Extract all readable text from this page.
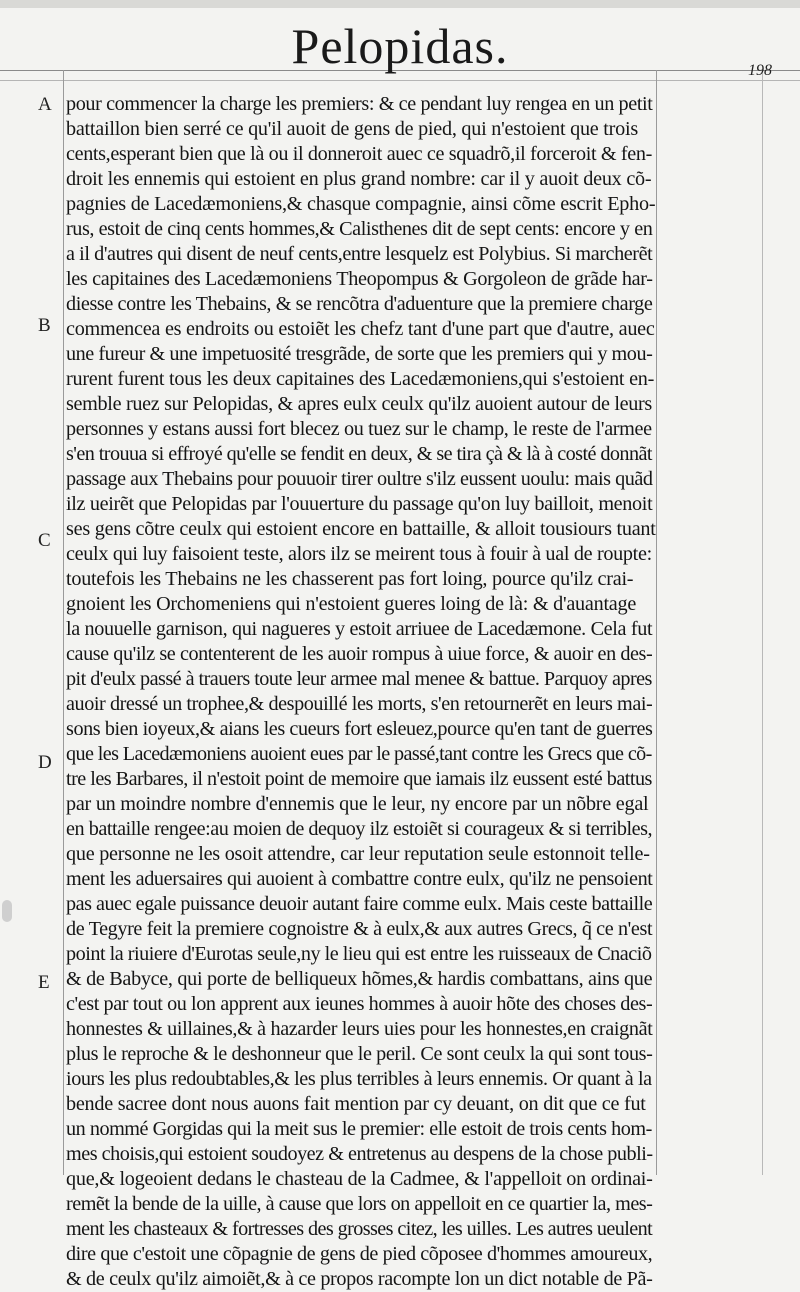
Pelopidas.	198
A
B
C
D
E
pour commencer la charge les premiers: & ce pendant luy rengea en un petit
battaillon bien serré ce qu'il auoit de gens de pied, qui n'estoient que trois
cents,esperant bien que là ou il donneroit auec ce squadrõ,il forceroit & fen-
droit les ennemis qui estoient en plus grand nombre: car il y auoit deux cõ-
pagnies de Lacedæmoniens,& chasque compagnie, ainsi cõme escrit Epho-
rus, estoit de cinq cents hommes,& Calisthenes dit de sept cents: encore y en
a il d'autres qui disent de neuf cents,entre lesquelz est Polybius. Si marcherẽt
les capitaines des Lacedæmoniens Theopompus & Gorgoleon de grãde har-
diesse contre les Thebains, & se rencõtra d'aduenture que la premiere charge
commencea es endroits ou estoiẽt les chefz tant d'une part que d'autre, auec
une fureur & une impetuosité tresgrãde, de sorte que les premiers qui y mou-
rurent furent tous les deux capitaines des Lacedæmoniens,qui s'estoient en-
semble ruez sur Pelopidas, & apres eulx ceulx qu'ilz auoient autour de leurs
personnes y estans aussi fort blecez ou tuez sur le champ, le reste de l'armee
s'en trouua si effroyé qu'elle se fendit en deux, & se tira çà & là à costé donnãt
passage aux Thebains pour pouuoir tirer oultre s'ilz eussent uoulu: mais quãd
ilz ueirẽt que Pelopidas par l'ouuerture du passage qu'on luy bailloit, menoit
ses gens cõtre ceulx qui estoient encore en battaille, & alloit tousiours tuant
ceulx qui luy faisoient teste, alors ilz se meirent tous à fouir à ual de roupte:
toutefois les Thebains ne les chasserent pas fort loing, pource qu'ilz crai-
gnoient les Orchomeniens qui n'estoient gueres loing de là: & d'auantage
la nouuelle garnison, qui nagueres y estoit arriuee de Lacedæmone. Cela fut
cause qu'ilz se contenterent de les auoir rompus à uiue force, & auoir en des-
pit d'eulx passé à trauers toute leur armee mal menee & battue. Parquoy apres
auoir dressé un trophee,& despouillé les morts, s'en retournerẽt en leurs mai-
sons bien ioyeux,& aians les cueurs fort esleuez,pource qu'en tant de guerres
que les Lacedæmoniens auoient eues par le passé,tant contre les Grecs que cõ-
tre les Barbares, il n'estoit point de memoire que iamais ilz eussent esté battus
par un moindre nombre d'ennemis que le leur, ny encore par un nõbre egal
en battaille rengee:au moien de dequoy ilz estoiẽt si courageux & si terribles,
que personne ne les osoit attendre, car leur reputation seule estonnoit telle-
ment les aduersaires qui auoient à combattre contre eulx, qu'ilz ne pensoient
pas auec egale puissance deuoir autant faire comme eulx. Mais ceste battaille
de Tegyre feit la premiere cognoistre & à eulx,& aux autres Grecs, q̃ ce n'est
point la riuiere d'Eurotas seule,ny le lieu qui est entre les ruisseaux de Cnaciõ
& de Babyce, qui porte de belliqueux hõmes,& hardis combattans, ains que
c'est par tout ou lon apprent aux ieunes hommes à auoir hõte des choses des-
honnestes & uillaines,& à hazarder leurs uies pour les honnestes,en craignãt
plus le reproche & le deshonneur que le peril. Ce sont ceulx la qui sont tous-
iours les plus redoubtables,& les plus terribles à leurs ennemis. Or quant à la
bende sacree dont nous auons fait mention par cy deuant, on dit que ce fut
un nommé Gorgidas qui la meit sus le premier: elle estoit de trois cents hom-
mes choisis,qui estoient soudoyez & entretenus au despens de la chose publi-
que,& logeoient dedans le chasteau de la Cadmee, & l'appelloit on ordinai-
remẽt la bende de la uille, à cause que lors on appelloit en ce quartier la, mes-
ment les chasteaux & fortresses des grosses citez, les uilles. Les autres ueulent
dire que c'estoit une cõpagnie de gens de pied cõposee d'hommes amoureux,
& de ceulx qu'ilz aimoiẽt,& à ce propos racompte lon un dict notable de Pã-
